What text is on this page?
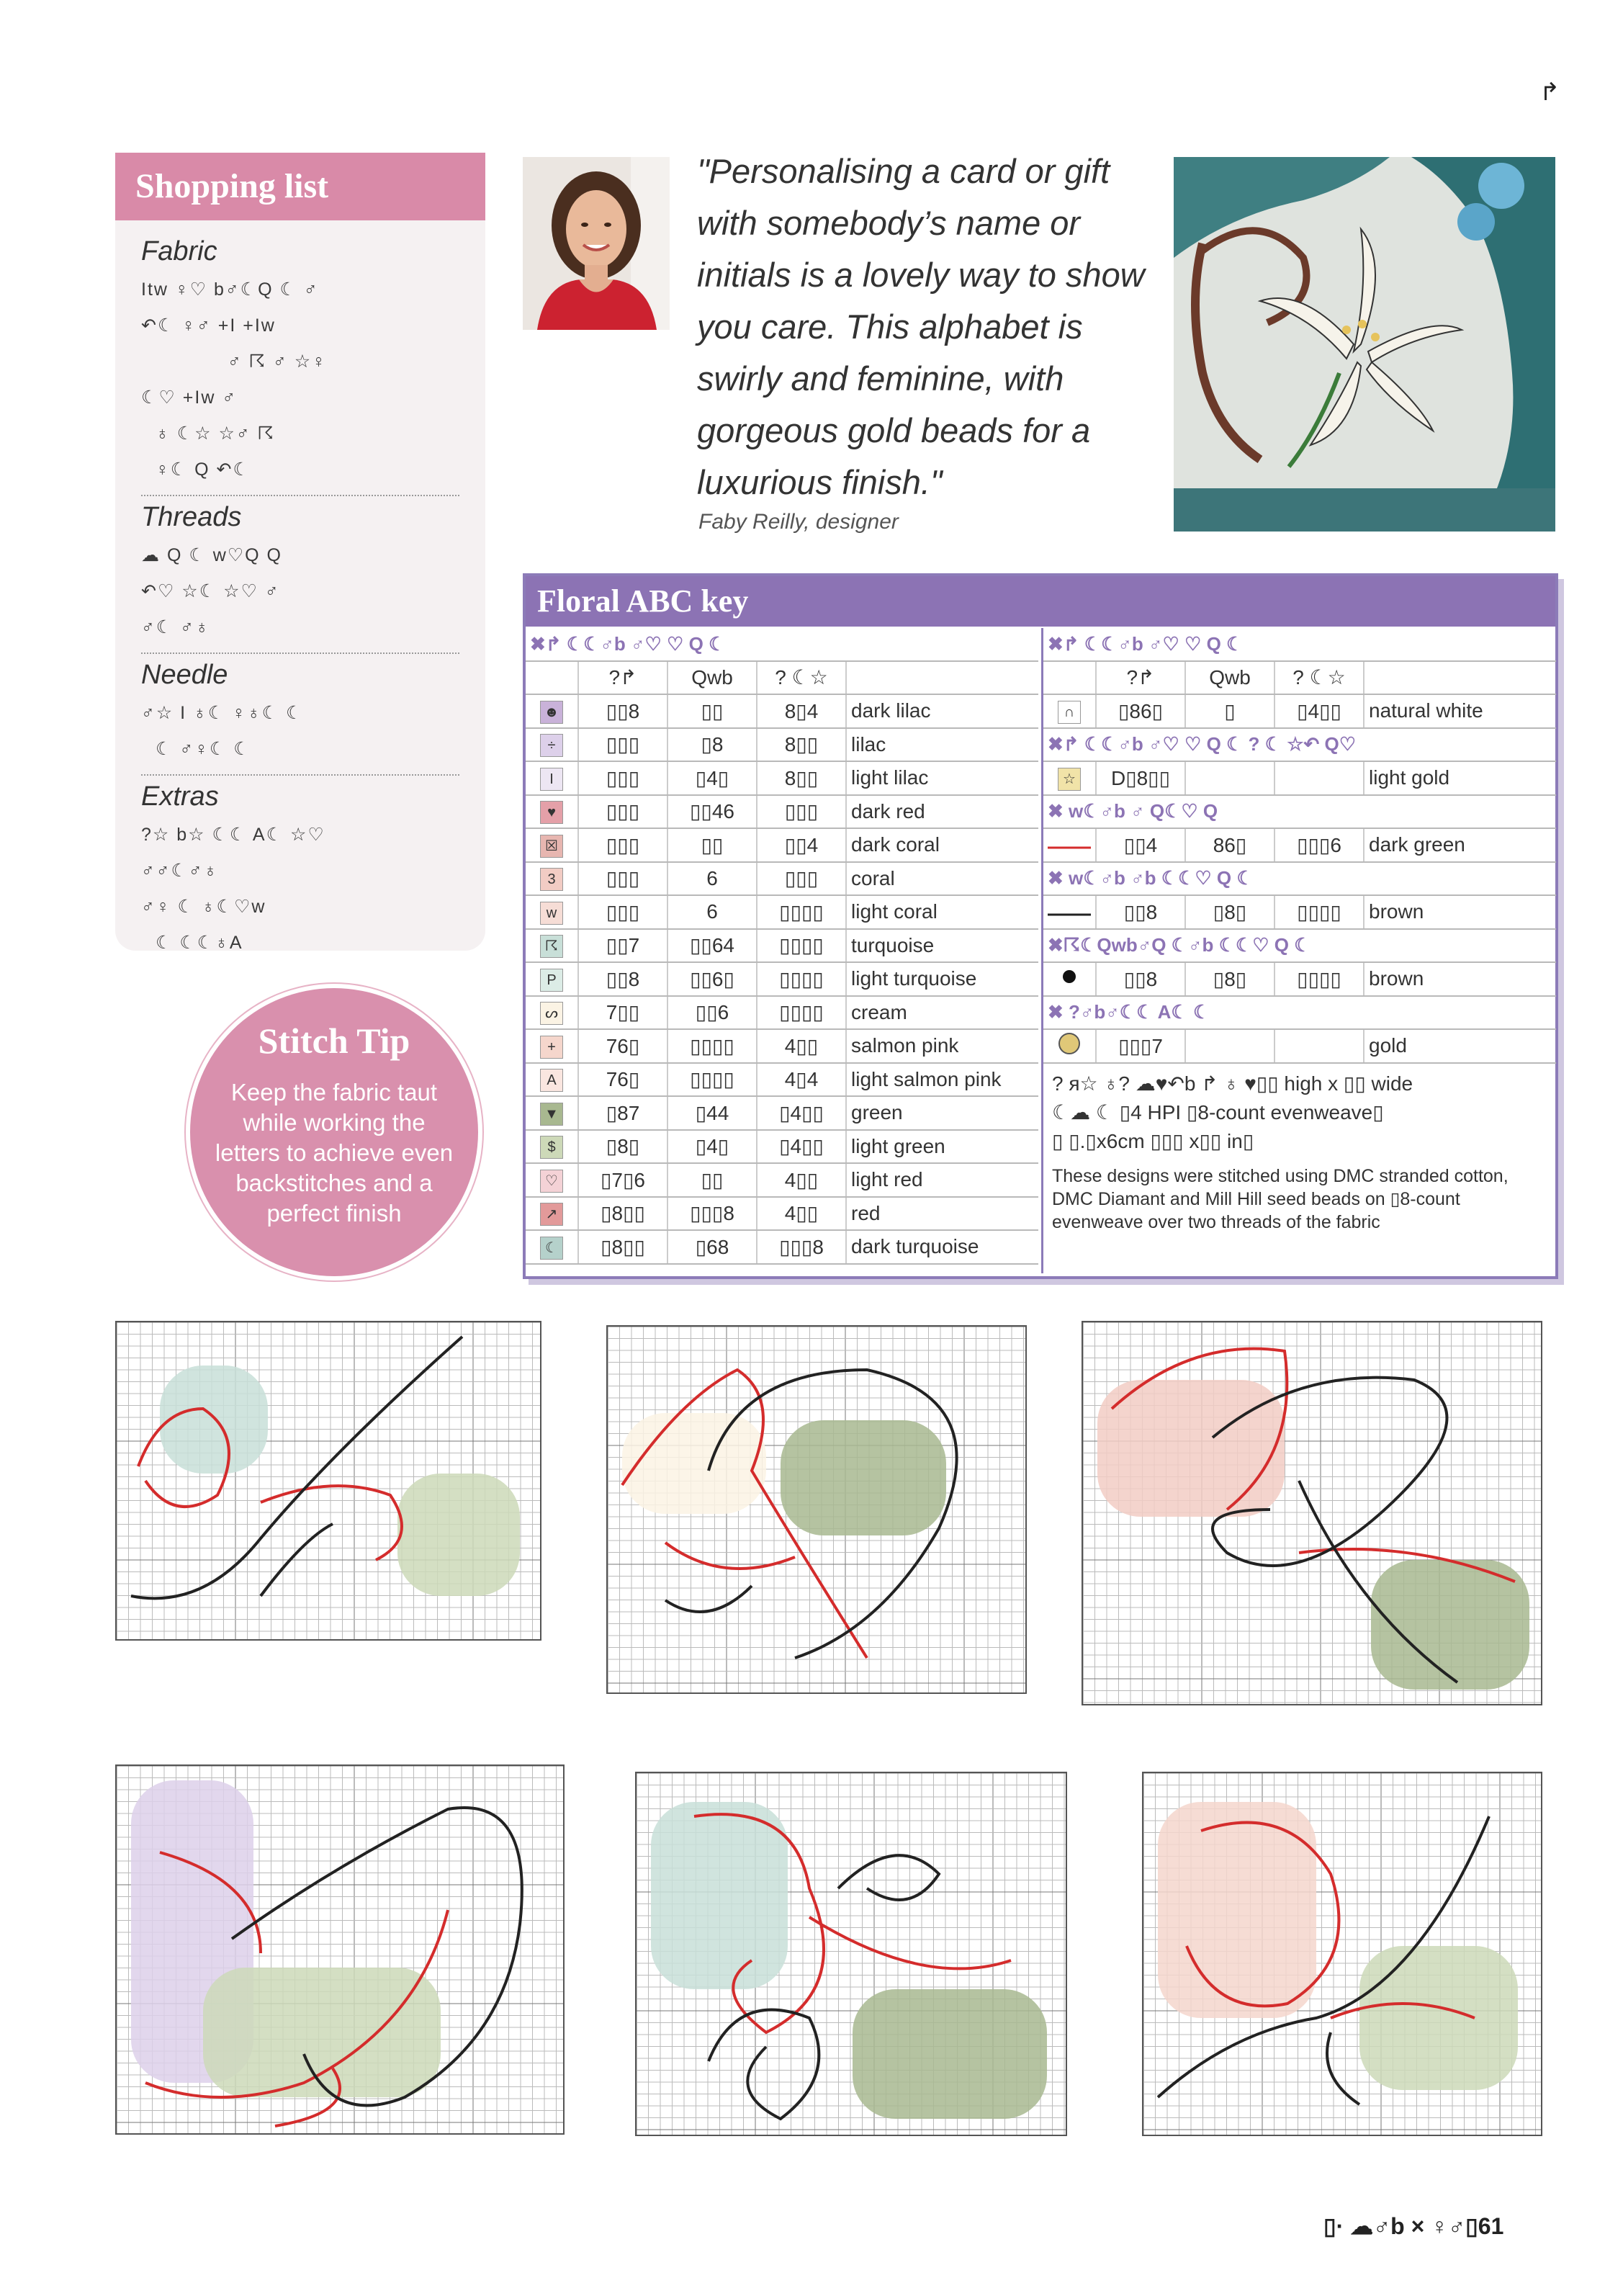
↱
Shopping list
Fabric
Itw ♀♡ b♂☾Q ☾ ♂
↶☾ ♀♂ +I +Iw
♂ ☈ ♂ ☆♀
☾♡ +Iw ♂
♁ ☾☆ ☆♂ ☈
♀☾ Q ↶☾
Threads
☁ Q ☾ w♡Q Q
↶♡ ☆☾ ☆♡ ♂
♂☾ ♂♁
Needle
♂☆ I ♁☾ ♀♁☾ ☾
☾ ♂♀☾ ☾
Extras
?☆ b☆ ☾☾ A☾ ☆♡
♂♂☾♂♁
♂♀ ☾ ♁☾♡w
☾ ☾☾♁A
"Personalising a card or gift with somebody’s name or initials is a lovely way to show you care. This alphabet is swirly and feminine, with gorgeous gold beads for a luxurious finish."
Faby Reilly, designer
Stitch Tip
Keep the fabric taut while working the letters to achieve even backstitches and a perfect finish
Floral ABC key
✖↱ ☾☾♂b ♂♡ ♡ Q ☾				
	?↱	Qwb	? ☾☆	
☻	▯▯8	▯▯	8▯4	dark lilac
÷	▯▯▯	▯8	8▯▯	lilac
I	▯▯▯	▯4▯	8▯▯	light lilac
♥	▯▯▯	▯▯46	▯▯▯	dark red
☒	▯▯▯	▯▯	▯▯4	dark coral
3	▯▯▯	6	▯▯▯	coral
w	▯▯▯	6	▯▯▯▯	light coral
☈	▯▯7	▯▯64	▯▯▯▯	turquoise
P	▯▯8	▯▯6▯	▯▯▯▯	light turquoise
ᔕ	7▯▯	▯▯6	▯▯▯▯	cream
+	76▯	▯▯▯▯	4▯▯	salmon pink
A	76▯	▯▯▯▯	4▯4	light salmon pink
▼	▯87	▯44	▯4▯▯	green
$	▯8▯	▯4▯	▯4▯▯	light green
♡	▯7▯6	▯▯	4▯▯	light red
↗	▯8▯▯	▯▯▯8	4▯▯	red
☾	▯8▯▯	▯68	▯▯▯8	dark turquoise
✖↱ ☾☾♂b ♂♡ ♡ Q ☾				
	?↱	Qwb	? ☾☆	
∩	▯86▯	▯	▯4▯▯	natural white
✖↱ ☾☾♂b ♂♡ ♡ Q ☾ ? ☾ ☆↶ Q♡				
☆	D▯8▯▯			light gold
✖ w☾♂b ♂ Q☾♡ Q				
	▯▯4	86▯	▯▯▯6	dark green
✖ w☾♂b ♂b ☾☾♡ Q ☾				
	▯▯8	▯8▯	▯▯▯▯	brown
✖☈☾Qwb♂Q ☾♂b ☾☾♡ Q ☾				
	▯▯8	▯8▯	▯▯▯▯	brown
✖ ?♂b♂☾☾ A☾ ☾				
	▯▯▯7			gold
? я☆ ♁? ☁♥↶b ↱ ♁ ♥▯▯ high x ▯▯ wide
☾☁ ☾ ▯4 HPI ▯8-count evenweave▯
▯ ▯.▯x6cm ▯▯▯ x▯▯ in▯
These designs were stitched using DMC stranded cotton, DMC Diamant and Mill Hill seed beads on ▯8-count evenweave over two threads of the fabric
▯· ☁♂b × ♀♂▯61
